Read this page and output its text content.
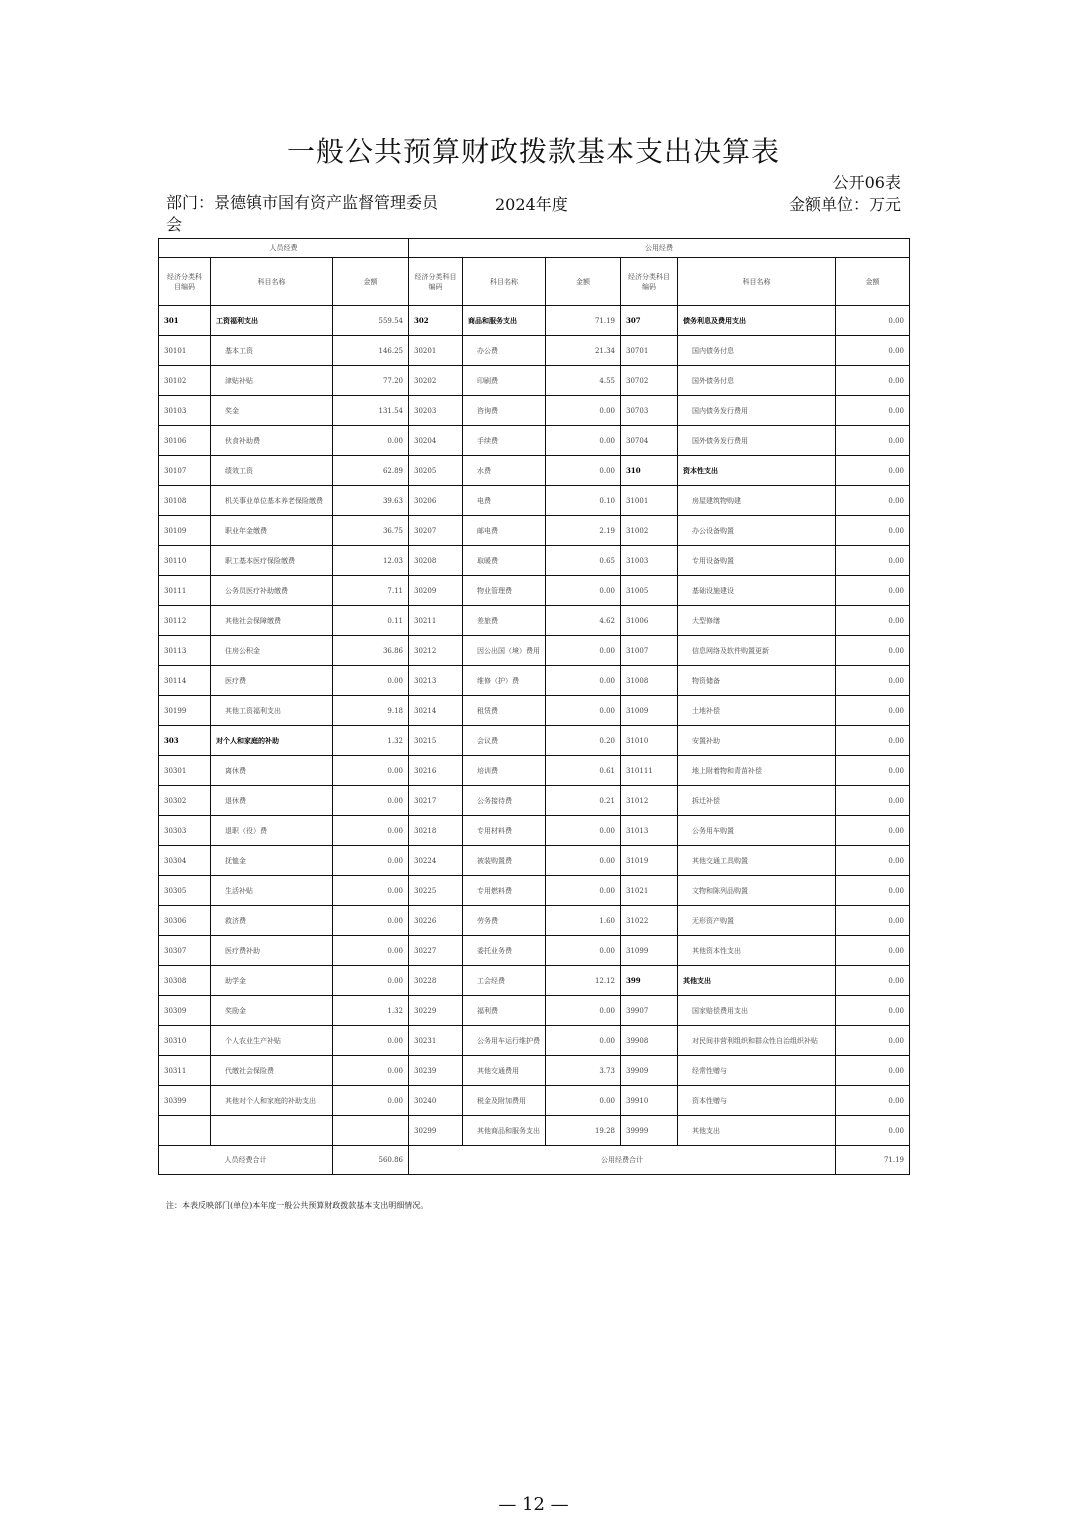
一般公共预算财政拨款基本支出决算表
公开06表
部门：景德镇市国有资产监督管理委员会
2024年度	金额单位：万元
人员经费			公用经费					
经济分类科目编码	科目名称	金额	经济分类科目编码	科目名称	金额	经济分类科目编码	科目名称	金额
301	工资福利支出	559.54	302	商品和服务支出	71.19	307	债务利息及费用支出	0.00
30101	基本工资	146.25	30201	办公费	21.34	30701	国内债务付息	0.00
30102	津贴补贴	77.20	30202	印刷费	4.55	30702	国外债务付息	0.00
30103	奖金	131.54	30203	咨询费	0.00	30703	国内债务发行费用	0.00
30106	伙食补助费	0.00	30204	手续费	0.00	30704	国外债务发行费用	0.00
30107	绩效工资	62.89	30205	水费	0.00	310	资本性支出	0.00
30108	机关事业单位基本养老保险缴费	39.63	30206	电费	0.10	31001	房屋建筑物购建	0.00
30109	职业年金缴费	36.75	30207	邮电费	2.19	31002	办公设备购置	0.00
30110	职工基本医疗保险缴费	12.03	30208	取暖费	0.65	31003	专用设备购置	0.00
30111	公务员医疗补助缴费	7.11	30209	物业管理费	0.00	31005	基础设施建设	0.00
30112	其他社会保障缴费	0.11	30211	差旅费	4.62	31006	大型修缮	0.00
30113	住房公积金	36.86	30212	因公出国（境）费用	0.00	31007	信息网络及软件购置更新	0.00
30114	医疗费	0.00	30213	维修（护）费	0.00	31008	物资储备	0.00
30199	其他工资福利支出	9.18	30214	租赁费	0.00	31009	土地补偿	0.00
303	对个人和家庭的补助	1.32	30215	会议费	0.20	31010	安置补助	0.00
30301	离休费	0.00	30216	培训费	0.61	310111	地上附着物和青苗补偿	0.00
30302	退休费	0.00	30217	公务接待费	0.21	31012	拆迁补偿	0.00
30303	退职（役）费	0.00	30218	专用材料费	0.00	31013	公务用车购置	0.00
30304	抚恤金	0.00	30224	被装购置费	0.00	31019	其他交通工具购置	0.00
30305	生活补贴	0.00	30225	专用燃料费	0.00	31021	文物和陈列品购置	0.00
30306	救济费	0.00	30226	劳务费	1.60	31022	无形资产购置	0.00
30307	医疗费补助	0.00	30227	委托业务费	0.00	31099	其他资本性支出	0.00
30308	助学金	0.00	30228	工会经费	12.12	399	其他支出	0.00
30309	奖励金	1.32	30229	福利费	0.00	39907	国家赔偿费用支出	0.00
30310	个人农业生产补贴	0.00	30231	公务用车运行维护费	0.00	39908	对民间非营利组织和群众性自治组织补贴	0.00
30311	代缴社会保险费	0.00	30239	其他交通费用	3.73	39909	经常性赠与	0.00
30399	其他对个人和家庭的补助支出	0.00	30240	税金及附加费用	0.00	39910	资本性赠与	0.00
			30299	其他商品和服务支出	19.28	39999	其他支出	0.00
人员经费合计		560.86	公用经费合计					71.19
注：本表反映部门(单位)本年度一般公共预算财政拨款基本支出明细情况。
— 12 —
